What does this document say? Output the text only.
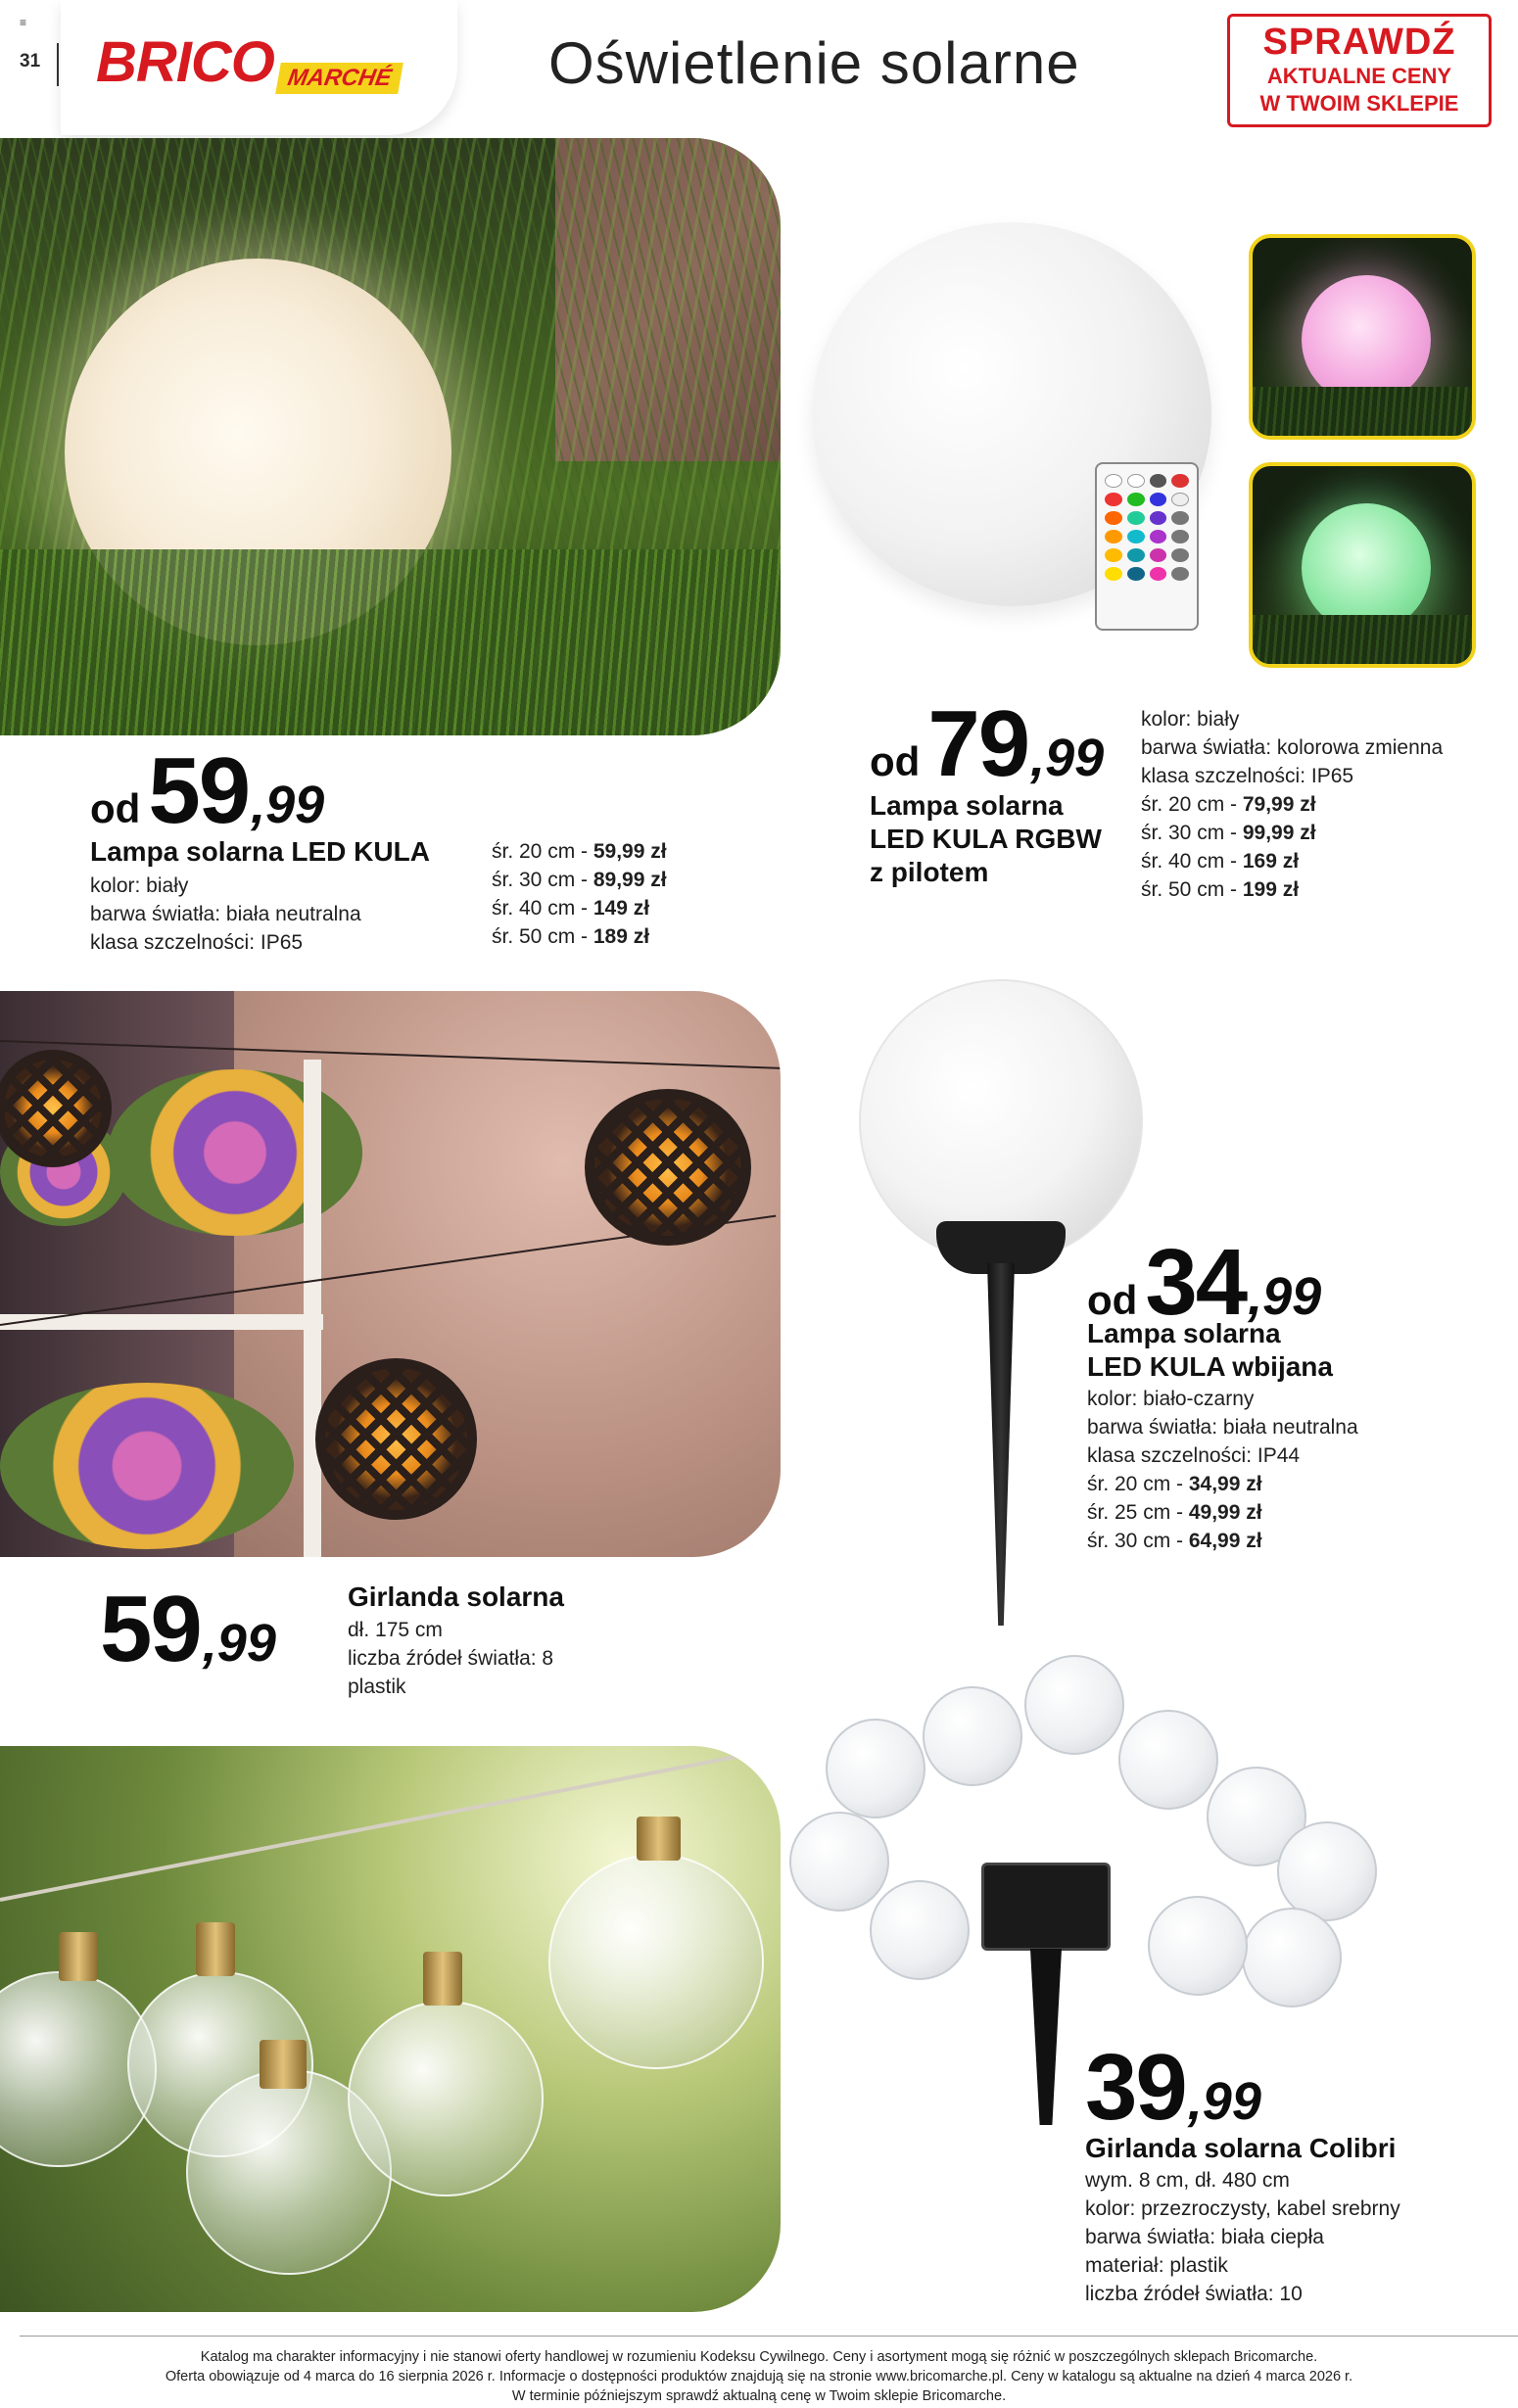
≡
31 BRICO MARCHÉ	Oświetlenie solarne	SPRAWDŹ
AKTUALNE CENY
W TWOIM SKLEPIE
od59,99
Lampa solarna LED KULA
kolor: biały
barwa światła: biała neutralna
klasa szczelności: IP65
śr. 20 cm - 59,99 zł
śr. 30 cm - 89,99 zł
śr. 40 cm - 149 zł
śr. 50 cm - 189 zł
od79,99
Lampa solarna
LED KULA RGBW
z pilotem
kolor: biały
barwa światła: kolorowa zmienna
klasa szczelności: IP65
śr. 20 cm - 79,99 zł
śr. 30 cm - 99,99 zł
śr. 40 cm - 169 zł
śr. 50 cm - 199 zł
od34,99
Lampa solarna
LED KULA wbijana
kolor: biało-czarny
barwa światła: biała neutralna
klasa szczelności: IP44
śr. 20 cm - 34,99 zł
śr. 25 cm - 49,99 zł
śr. 30 cm - 64,99 zł
59,99
Girlanda solarna
dł. 175 cm
liczba źródeł światła: 8
plastik
39,99
Girlanda solarna Colibri
wym. 8 cm, dł. 480 cm
kolor: przezroczysty, kabel srebrny
barwa światła: biała ciepła
materiał: plastik
liczba źródeł światła: 10
Katalog ma charakter informacyjny i nie stanowi oferty handlowej w rozumieniu Kodeksu Cywilnego. Ceny i asortyment mogą się różnić w poszczególnych sklepach Bricomarche.
Oferta obowiązuje od 4 marca do 16 sierpnia 2026 r. Informacje o dostępności produktów znajdują się na stronie www.bricomarche.pl. Ceny w katalogu są aktualne na dzień 4 marca 2026 r.
W terminie późniejszym sprawdź aktualną cenę w Twoim sklepie Bricomarche.
